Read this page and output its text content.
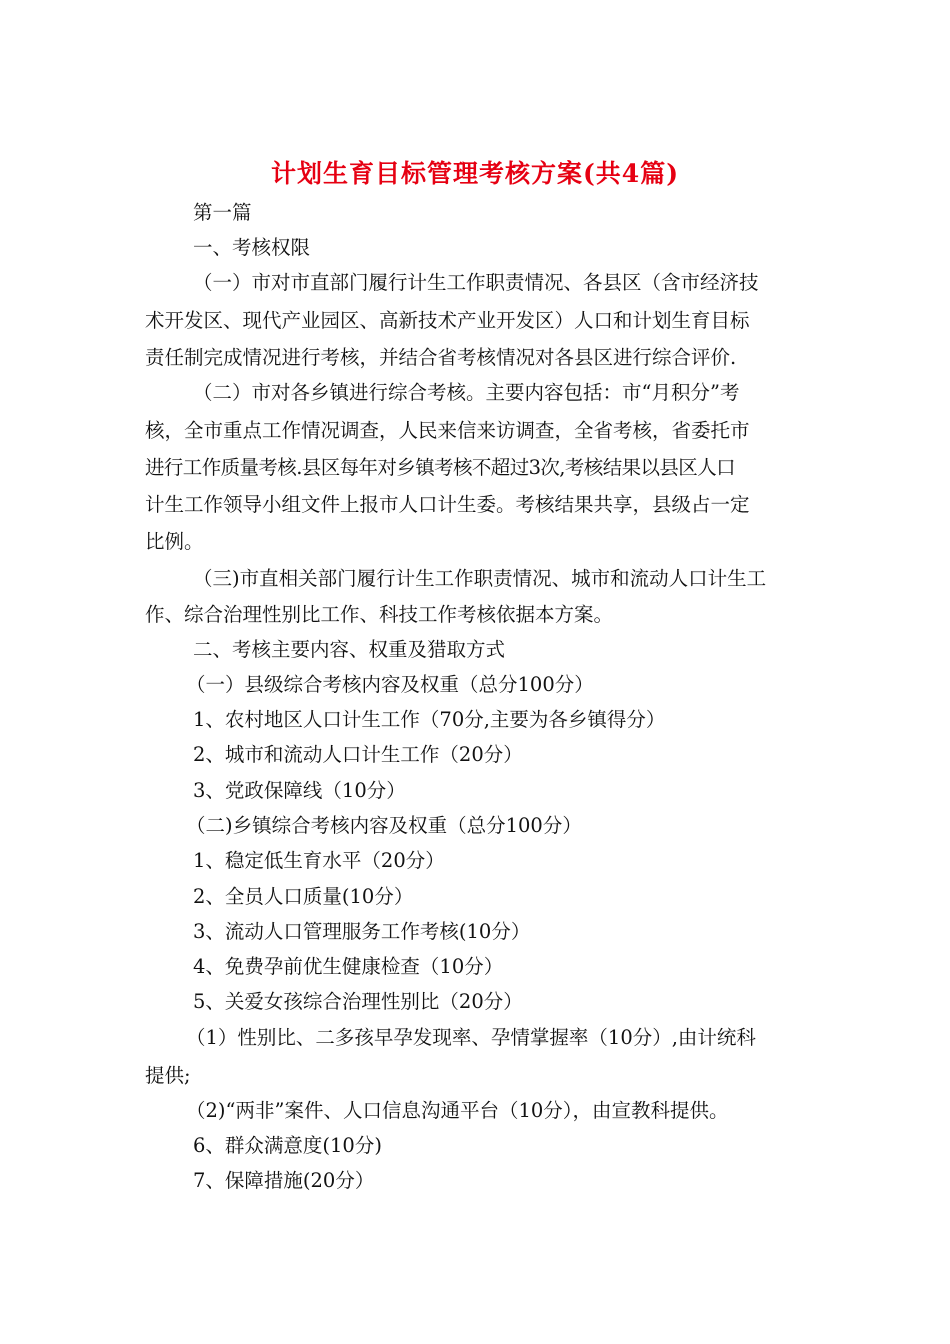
计划生育目标管理考核方案(共4篇)
第一篇
一、考核权限
（一）市对市直部门履行计生工作职责情况、各县区（含市经济技
术开发区、现代产业园区、高新技术产业开发区）人口和计划生育目标
责任制完成情况进行考核，并结合省考核情况对各县区进行综合评价.
（二）市对各乡镇进行综合考核。主要内容包括：市“月积分”考
核，全市重点工作情况调查，人民来信来访调查，全省考核，省委托市
进行工作质量考核.县区每年对乡镇考核不超过3次,考核结果以县区人口
计生工作领导小组文件上报市人口计生委。考核结果共享，县级占一定
比例。
（三)市直相关部门履行计生工作职责情况、城市和流动人口计生工
作、综合治理性别比工作、科技工作考核依据本方案。
二、考核主要内容、权重及猎取方式
（一）县级综合考核内容及权重（总分100分）
1、农村地区人口计生工作（70分,主要为各乡镇得分）
2、城市和流动人口计生工作（20分）
3、党政保障线（10分）
（二)乡镇综合考核内容及权重（总分100分）
1、稳定低生育水平（20分）
2、全员人口质量(10分）
3、流动人口管理服务工作考核(10分）
4、免费孕前优生健康检查（10分）
5、关爱女孩综合治理性别比（20分）
（1）性别比、二多孩早孕发现率、孕情掌握率（10分）,由计统科
提供;
（2)“两非”案件、人口信息沟通平台（10分），由宣教科提供。
6、群众满意度(10分)
7、保障措施(20分）
